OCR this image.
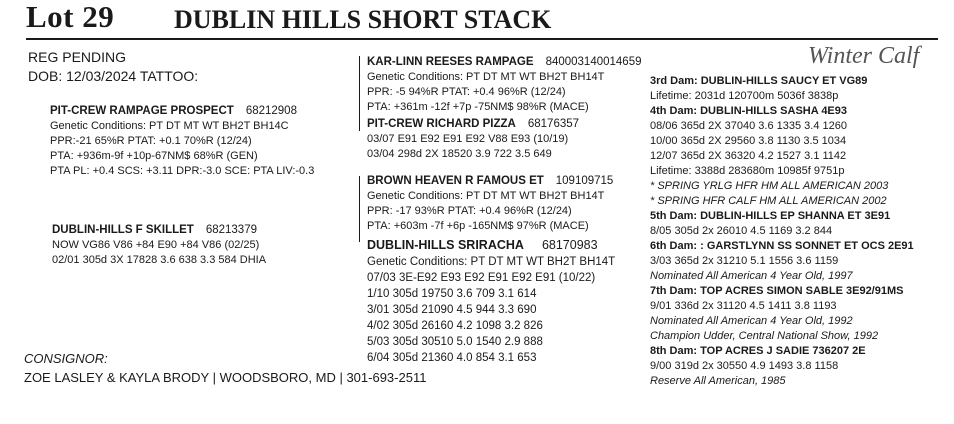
Lot 29 DUBLIN HILLS SHORT STACK
Winter Calf
REG PENDING
DOB: 12/03/2024 TATTOO:
PIT-CREW RAMPAGE PROSPECT 68212908
Genetic Conditions: PT DT MT WT BH2T BH14C
PPR:-21 65%R PTAT: +0.1 70%R (12/24)
PTA: +936m-9f +10p-67NM$ 68%R (GEN)
PTA PL: +0.4 SCS: +3.11 DPR:-3.0 SCE: PTA LIV:-0.3
DUBLIN-HILLS F SKILLET 68213379
NOW VG86 V86 +84 E90 +84 V86 (02/25)
02/01 305d 3X 17828 3.6 638 3.3 584 DHIA
KAR-LINN REESES RAMPAGE 840003140014659
Genetic Conditions: PT DT MT WT BH2T BH14T
PPR: -5 94%R PTAT: +0.4 96%R (12/24)
PTA: +361m -12f +7p -75NM$ 98%R (MACE)
PIT-CREW RICHARD PIZZA 68176357
03/07 E91 E92 E91 E92 V88 E93 (10/19)
03/04 298d 2X 18520 3.9 722 3.5 649
BROWN HEAVEN R FAMOUS ET 109109715
Genetic Conditions: PT DT MT WT BH2T BH14T
PPR: -17 93%R PTAT: +0.4 96%R (12/24)
PTA: +603m -7f +6p -165NM$ 97%R (MACE)
DUBLIN-HILLS SRIRACHA 68170983
Genetic Conditions: PT DT MT WT BH2T BH14T
07/03 3E-E92 E93 E92 E91 E92 E91 (10/22)
1/10 305d 19750 3.6 709 3.1 614
3/01 305d 21090 4.5 944 3.3 690
4/02 305d 26160 4.2 1098 3.2 826
5/03 305d 30510 5.0 1540 2.9 888
6/04 305d 21360 4.0 854 3.1 653
3rd Dam: DUBLIN-HILLS SAUCY ET VG89
Lifetime: 2031d 120700m 5036f 3838p
4th Dam: DUBLIN-HILLS SASHA 4E93
08/06 365d 2X 37040 3.6 1335 3.4 1260
10/00 365d 2X 29560 3.8 1130 3.5 1034
12/07 365d 2X 36320 4.2 1527 3.1 1142
Lifetime: 3388d 283680m 10985f 9751p
* SPRING YRLG HFR HM ALL AMERICAN 2003
* SPRING HFR CALF HM ALL AMERICAN 2002
5th Dam: DUBLIN-HILLS EP SHANNA ET 3E91
8/05 305d 2x 26010 4.5 1169 3.2 844
6th Dam: : GARSTLYNN SS SONNET ET OCS 2E91
3/03 365d 2x 31210 5.1 1556 3.6 1159
Nominated All American 4 Year Old, 1997
7th Dam: TOP ACRES SIMON SABLE 3E92/91MS
9/01 336d 2x 31120 4.5 1411 3.8 1193
Nominated All American 4 Year Old, 1992
Champion Udder, Central National Show, 1992
8th Dam: TOP ACRES J SADIE 736207 2E
9/00 319d 2x 30550 4.9 1493 3.8 1158
Reserve All American, 1985
CONSIGNOR:
ZOE LASLEY & KAYLA BRODY | WOODSBORO, MD | 301-693-2511
